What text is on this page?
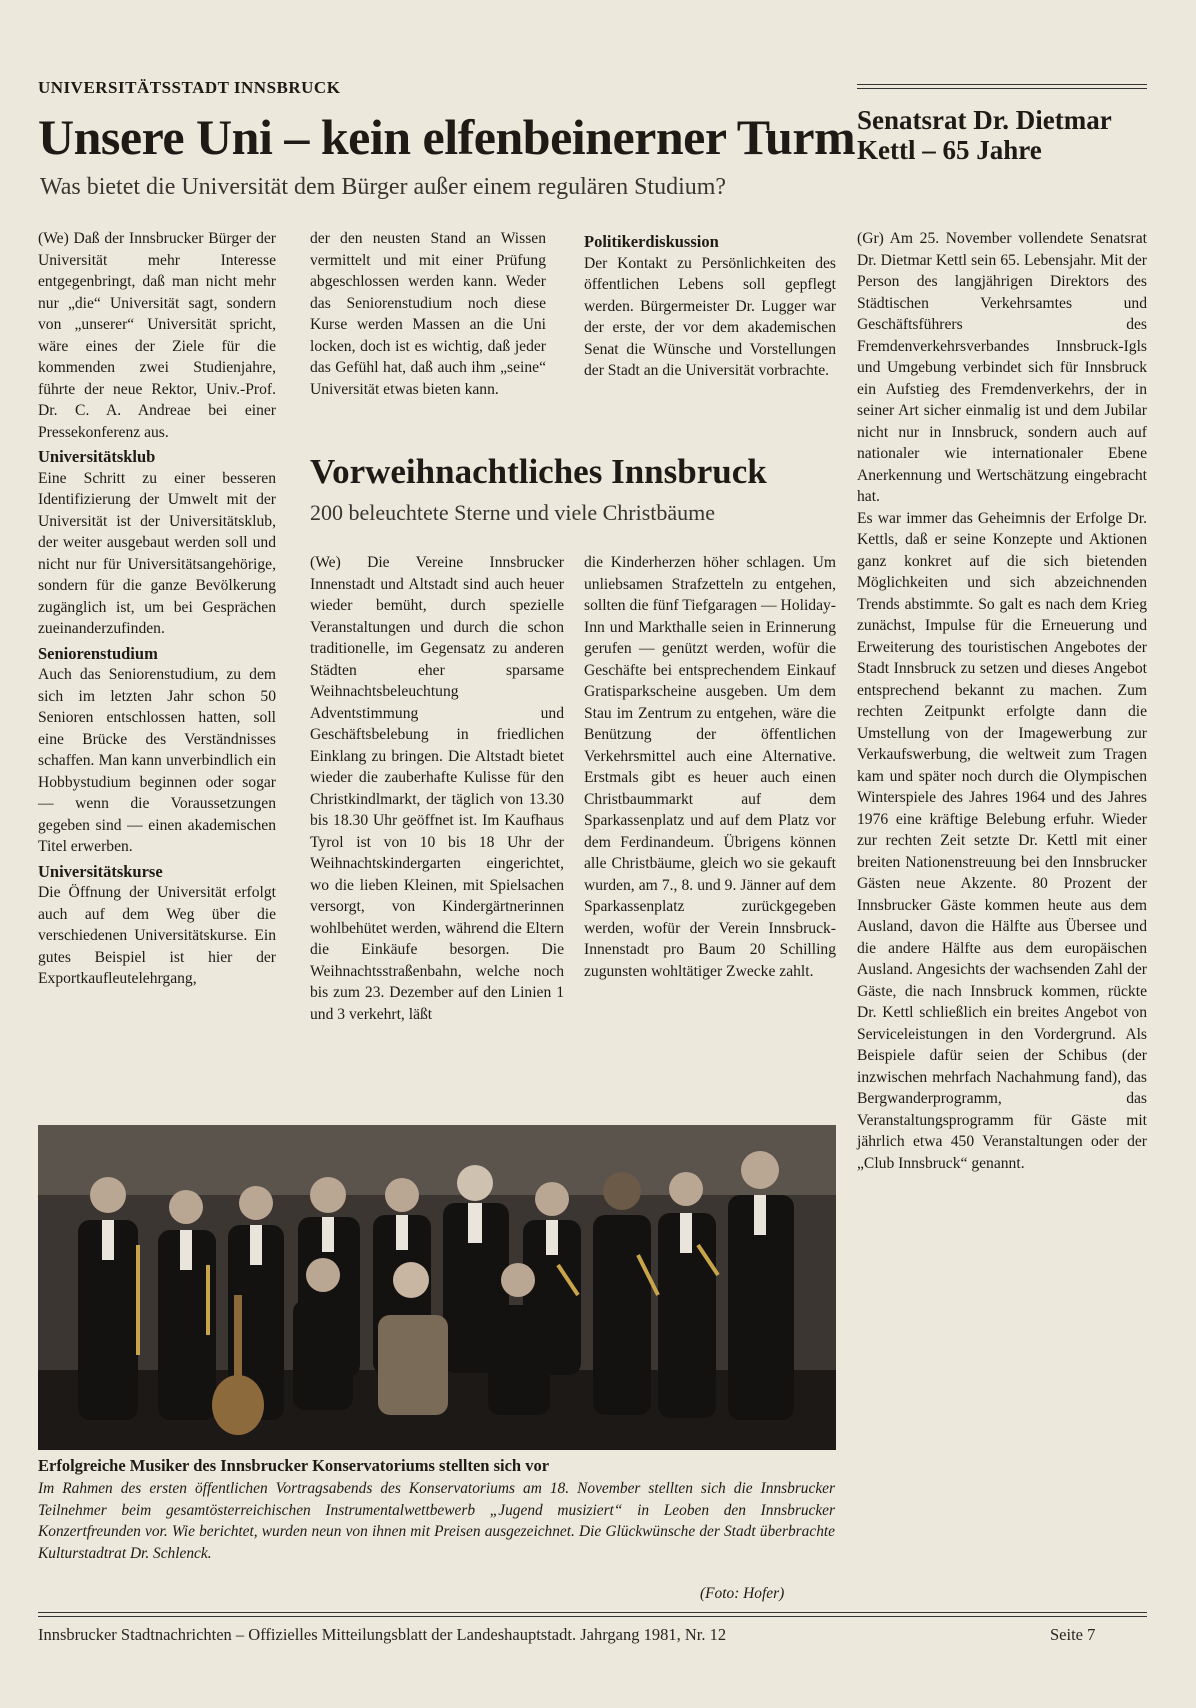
UNIVERSITÄTSSTADT INNSBRUCK
Unsere Uni – kein elfenbeinerner Turm
Was bietet die Universität dem Bürger außer einem regulären Studium?
Senatsrat Dr. Dietmar Kettl – 65 Jahre

(We) Daß der Innsbrucker Bürger der Universität mehr Interesse entgegenbringt, daß man nicht mehr nur „die“ Universität sagt, sondern von „unserer“ Universität spricht, wäre eines der Ziele für die kommenden zwei Studienjahre, führte der neue Rektor, Univ.-Prof. Dr. C. A. Andreae bei einer Pressekonferenz aus.

Universitätsklub

Eine Schritt zu einer besseren Identifizierung der Umwelt mit der Universität ist der Universitätsklub, der weiter ausgebaut werden soll und nicht nur für Universitätsangehörige, sondern für die ganze Bevölkerung zugänglich ist, um bei Gesprächen zueinanderzufinden.

Seniorenstudium

Auch das Seniorenstudium, zu dem sich im letzten Jahr schon 50 Senioren entschlossen hatten, soll eine Brücke des Verständnisses schaffen. Man kann unverbindlich ein Hobbystudium beginnen oder sogar — wenn die Voraussetzungen gegeben sind — einen akademischen Titel erwerben.

Universitätskurse

Die Öffnung der Universität erfolgt auch auf dem Weg über die verschiedenen Universitätskurse. Ein gutes Beispiel ist hier der Exportkaufleutelehrgang,

der den neusten Stand an Wissen vermittelt und mit einer Prüfung abgeschlossen werden kann. Weder das Seniorenstudium noch diese Kurse werden Massen an die Uni locken, doch ist es wichtig, daß jeder das Gefühl hat, daß auch ihm „seine“ Universität etwas bieten kann.

Politikerdiskussion

Der Kontakt zu Persönlichkeiten des öffentlichen Lebens soll gepflegt werden. Bürgermeister Dr. Lugger war der erste, der vor dem akademischen Senat die Wünsche und Vorstellungen der Stadt an die Universität vorbrachte.

Vorweihnachtliches Innsbruck
200 beleuchtete Sterne und viele Christbäume

(We) Die Vereine Innsbrucker Innenstadt und Altstadt sind auch heuer wieder bemüht, durch spezielle Veranstaltungen und durch die schon traditionelle, im Gegensatz zu anderen Städten eher sparsame Weihnachtsbeleuchtung Adventstimmung und Geschäftsbelebung in friedlichen Einklang zu bringen. Die Altstadt bietet wieder die zauberhafte Kulisse für den Christkindlmarkt, der täglich von 13.30 bis 18.30 Uhr geöffnet ist. Im Kaufhaus Tyrol ist von 10 bis 18 Uhr der Weihnachtskindergarten eingerichtet, wo die lieben Kleinen, mit Spielsachen versorgt, von Kindergärtnerinnen wohlbehütet werden, während die Eltern die Einkäufe besorgen. Die Weihnachtsstraßenbahn, welche noch bis zum 23. Dezember auf den Linien 1 und 3 verkehrt, läßt

die Kinderherzen höher schlagen. Um unliebsamen Strafzetteln zu entgehen, sollten die fünf Tiefgaragen — Holiday-Inn und Markthalle seien in Erinnerung gerufen — genützt werden, wofür die Geschäfte bei entsprechendem Einkauf Gratisparkscheine ausgeben. Um dem Stau im Zentrum zu entgehen, wäre die Benützung der öffentlichen Verkehrsmittel auch eine Alternative. Erstmals gibt es heuer auch einen Christbaummarkt auf dem Sparkassenplatz und auf dem Platz vor dem Ferdinandeum. Übrigens können alle Christbäume, gleich wo sie gekauft wurden, am 7., 8. und 9. Jänner auf dem Sparkassenplatz zurückgegeben werden, wofür der Verein Innsbruck-Innenstadt pro Baum 20 Schilling zugunsten wohltätiger Zwecke zahlt.

(Gr) Am 25. November vollendete Senatsrat Dr. Dietmar Kettl sein 65. Lebensjahr. Mit der Person des langjährigen Direktors des Städtischen Verkehrsamtes und Geschäftsführers des Fremdenverkehrsverbandes Innsbruck-Igls und Umgebung verbindet sich für Innsbruck ein Aufstieg des Fremdenverkehrs, der in seiner Art sicher einmalig ist und dem Jubilar nicht nur in Innsbruck, sondern auch auf nationaler wie internationaler Ebene Anerkennung und Wertschätzung eingebracht hat.

Es war immer das Geheimnis der Erfolge Dr. Kettls, daß er seine Konzepte und Aktionen ganz konkret auf die sich bietenden Möglichkeiten und sich abzeichnenden Trends abstimmte. So galt es nach dem Krieg zunächst, Impulse für die Erneuerung und Erweiterung des touristischen Angebotes der Stadt Innsbruck zu setzen und dieses Angebot entsprechend bekannt zu machen. Zum rechten Zeitpunkt erfolgte dann die Umstellung von der Imagewerbung zur Verkaufswerbung, die weltweit zum Tragen kam und später noch durch die Olympischen Winterspiele des Jahres 1964 und des Jahres 1976 eine kräftige Belebung erfuhr. Wieder zur rechten Zeit setzte Dr. Kettl mit einer breiten Nationenstreuung bei den Innsbrucker Gästen neue Akzente. 80 Prozent der Innsbrucker Gäste kommen heute aus dem Ausland, davon die Hälfte aus Übersee und die andere Hälfte aus dem europäischen Ausland. Angesichts der wachsenden Zahl der Gäste, die nach Innsbruck kommen, rückte Dr. Kettl schließlich ein breites Angebot von Serviceleistungen in den Vordergrund. Als Beispiele dafür seien der Schibus (der inzwischen mehrfach Nachahmung fand), das Bergwanderprogramm, das Veranstaltungsprogramm für Gäste mit jährlich etwa 450 Veranstaltungen oder der „Club Innsbruck“ genannt.

Erfolgreiche Musiker des Innsbrucker Konservatoriums stellten sich vor
Im Rahmen des ersten öffentlichen Vortragsabends des Konservatoriums am 18. November stellten sich die Innsbrucker Teilnehmer beim gesamtösterreichischen Instrumentalwettbewerb „Jugend musiziert“ in Leoben den Innsbrucker Konzertfreunden vor. Wie berichtet, wurden neun von ihnen mit Preisen ausgezeichnet. Die Glückwünsche der Stadt überbrachte Kulturstadtrat Dr. Schlenck.
(Foto: Hofer)
Innsbrucker Stadtnachrichten – Offizielles Mitteilungsblatt der Landeshauptstadt. Jahrgang 1981, Nr. 12	Seite 7
